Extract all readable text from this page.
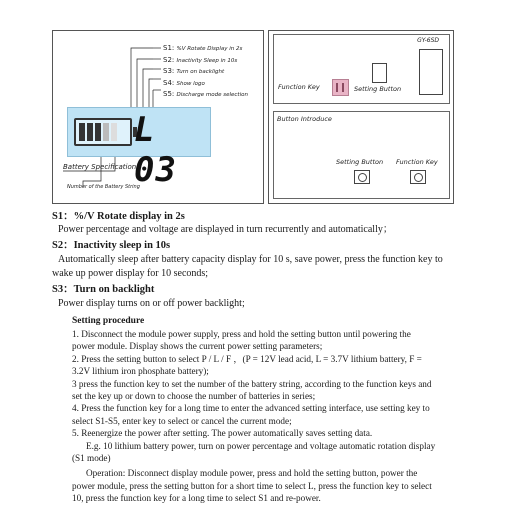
S1: %V Rotate Display in 2s
S2: Inactivity Sleep in 10s
S3: Turn on backlight
S4: Show logo
S5: Discharge mode selection
L 03
Battery Specification
Number of the Battery String
GY-6SD
Function Key	Setting Button
Button Introduce
Setting Button Function Key
S1：%/V Rotate display in 2s
Power percentage and voltage are displayed in turn recurrently and automatically；
S2：Inactivity sleep in 10s
Automatically sleep after battery capacity display for 10 s, save power, press the function key to
wake up power display for 10 seconds;
S3：Turn on backlight
Power display turns on or off power backlight;
Setting procedure
1. Disconnect the module power supply, press and hold the setting button until powering the
power module. Display shows the current power setting parameters;
2. Press the setting button to select P / L / F ，(P = 12V lead acid, L = 3.7V lithium battery, F =
3.2V lithium iron phosphate battery);
3 press the function key to set the number of the battery string, according to the function keys and
set the key up or down to choose the number of batteries in series;
4. Press the function key for a long time to enter the advanced setting interface, use setting key to
select S1-S5, enter key to select or cancel the current mode;
5. Reenergize the power after setting. The power automatically saves setting data.
E.g. 10 lithium battery power, turn on power percentage and voltage automatic rotation display
(S1 mode)
Operation: Disconnect display module power, press and hold the setting button, power the
power module, press the setting button for a short time to select L, press the function key to select
10, press the function key for a long time to select S1 and re-power.
